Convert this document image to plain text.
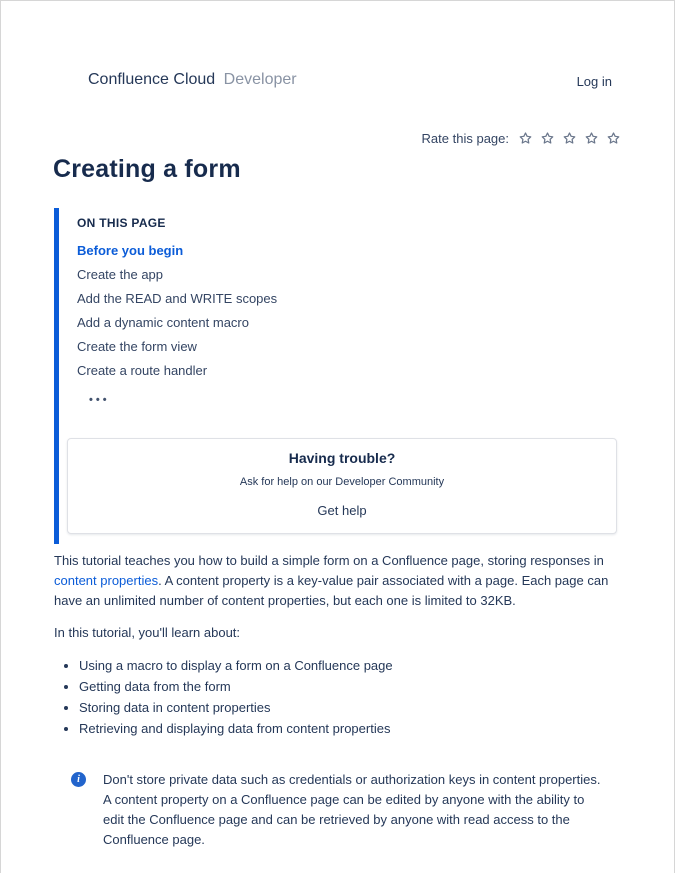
Confluence Cloud Developer	Log in
Rate this page:
Creating a form
ON THIS PAGE
Before you begin
Create the app
Add the READ and WRITE scopes
Add a dynamic content macro
Create the form view
Create a route handler
•••
Having trouble?
Ask for help on our Developer Community
Get help

This tutorial teaches you how to build a simple form on a Confluence page, storing responses in content properties. A content property is a key-value pair associated with a page. Each page can have an unlimited number of content properties, but each one is limited to 32KB.

In this tutorial, you'll learn about:

• Using a macro to display a form on a Confluence page
• Getting data from the form
• Storing data in content properties
• Retrieving and displaying data from content properties
i	Don't store private data such as credentials or authorization keys in content properties. A content property on a Confluence page can be edited by anyone with the ability to edit the Confluence page and can be retrieved by anyone with read access to the Confluence page.
